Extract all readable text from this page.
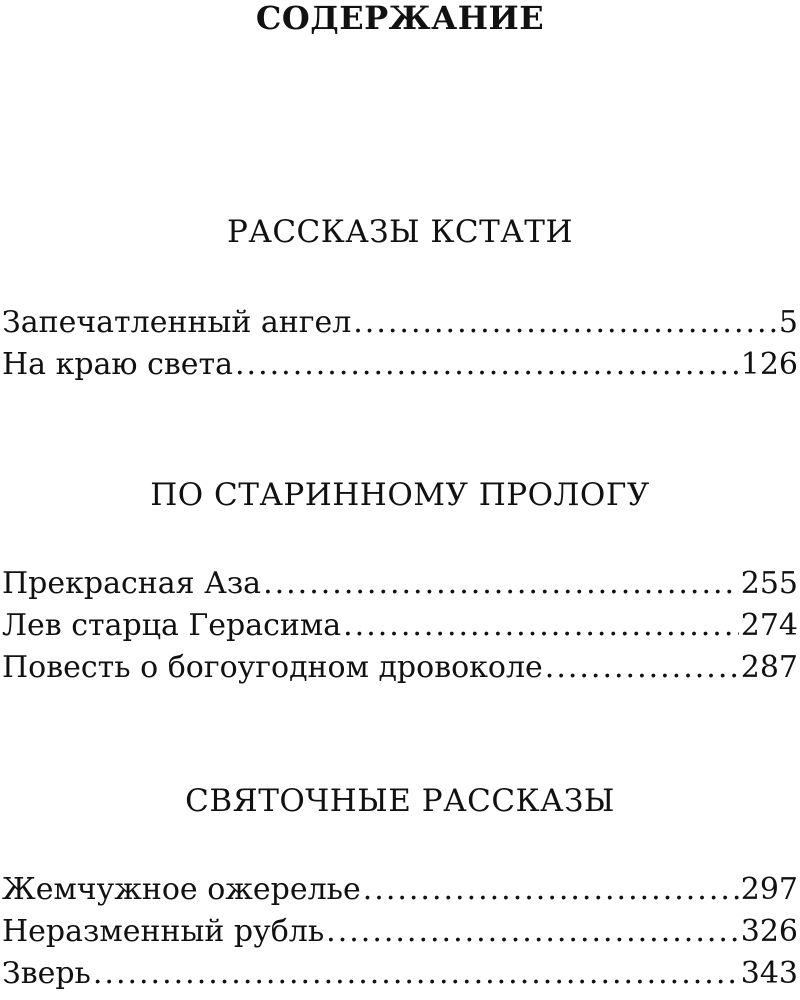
СОДЕРЖАНИЕ
РАССКАЗЫ КСТАТИ
Запечатленный ангел .....	5
На краю света .....	126
ПО СТАРИННОМУ ПРОЛОГУ
Прекрасная Аза .....	255
Лев старца Герасима .....	274
Повесть о богоугодном дровоколе .....	287
СВЯТОЧНЫЕ РАССКАЗЫ
Жемчужное ожерелье .....	297
Неразменный рубль .....	326
Зверь .....	343
